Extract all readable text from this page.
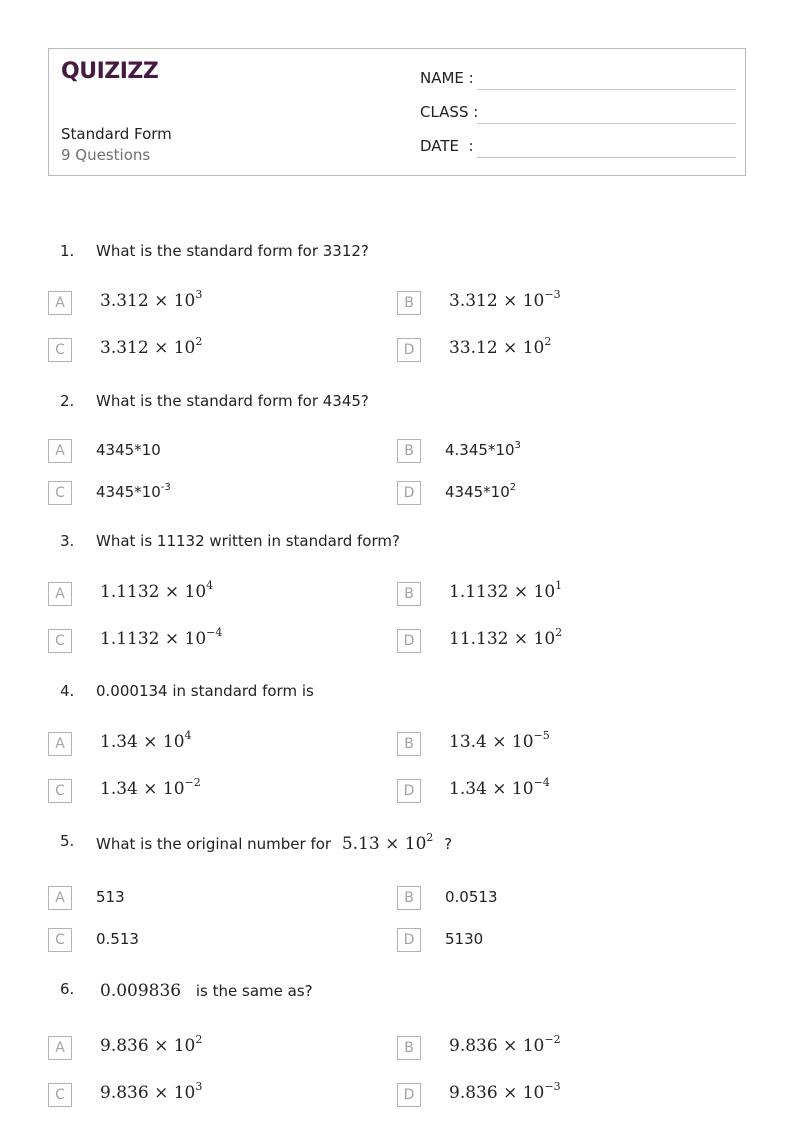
QUIZIZZ
Standard Form
9 Questions
NAME :
CLASS :
DATE  :
1. What is the standard form for 3312?
A	$3.312 \times 10^3$
B	$3.312 \times 10^{-3}$
C	$3.312 \times 10^2$
D	$33.12 \times 10^2$
2. What is the standard form for 4345?
A	4345*10	B	$4.345*10^3$
C	$4345*10^{-3}$	D	$4345*10^2$
3. What is 11132 written in standard form?
A	$1.1132 \times 10^4$
B	$1.1132 \times 10^1$
C	$1.1132 \times 10^{-4}$
D	$11.132 \times 10^2$
4. 0.000134 in standard form is
A	$1.34 \times 10^4$
B	$13.4 \times 10^{-5}$
C	$1.34 \times 10^{-2}$
D	$1.34 \times 10^{-4}$
5. What is the original number for $5.13 \times 10^2$ ?
A	513	B	0.0513
C	0.513	D	5130
6. 0.009836 is the same as?
A	$9.836 \times 10^2$
B	$9.836 \times 10^{-2}$
C	$9.836 \times 10^3$
D	$9.836 \times 10^{-3}$
